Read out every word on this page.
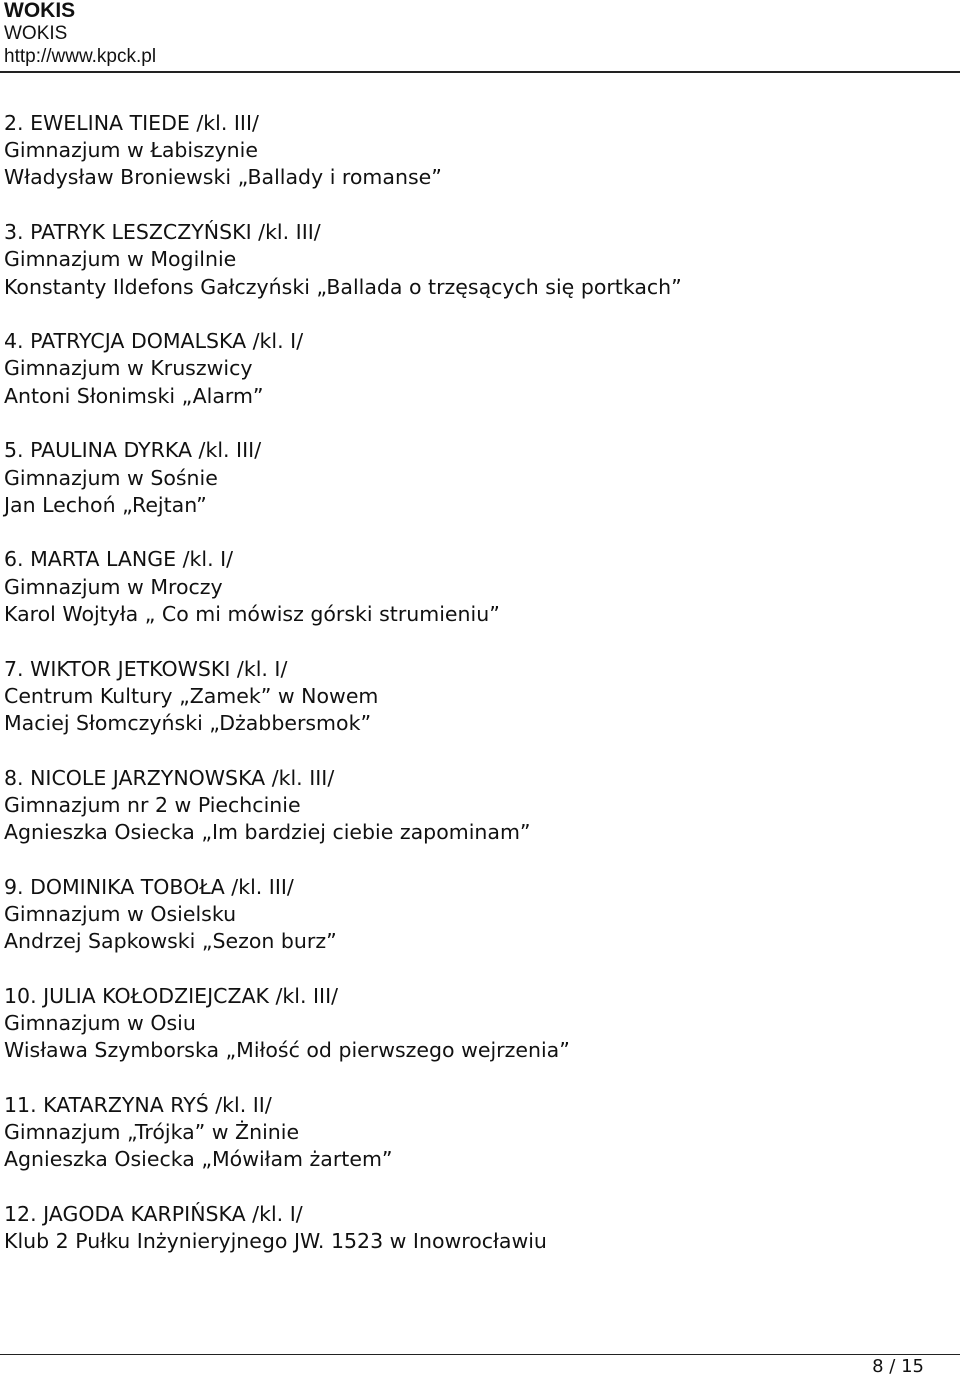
WOKIS

WOKIS

http://www.kpck.pl

2. EWELINA TIEDE /kl. III/

Gimnazjum w Łabiszynie

Władysław Broniewski „Ballady i romanse”

3. PATRYK LESZCZYŃSKI /kl. III/

Gimnazjum w Mogilnie

Konstanty Ildefons Gałczyński „Ballada o trzęsących się portkach”

4. PATRYCJA DOMALSKA /kl. I/

Gimnazjum w Kruszwicy

Antoni Słonimski „Alarm”

5. PAULINA DYRKA /kl. III/

Gimnazjum w Sośnie

Jan Lechoń „Rejtan”

6. MARTA LANGE /kl. I/

Gimnazjum w Mroczy

Karol Wojtyła „ Co mi mówisz górski strumieniu”

7. WIKTOR JETKOWSKI /kl. I/

Centrum Kultury „Zamek” w Nowem

Maciej Słomczyński „Dżabbersmok”

8. NICOLE JARZYNOWSKA /kl. III/

Gimnazjum nr 2 w Piechcinie

Agnieszka Osiecka „Im bardziej ciebie zapominam”

9. DOMINIKA TOBOŁA /kl. III/

Gimnazjum w Osielsku

Andrzej Sapkowski „Sezon burz”

10. JULIA KOŁODZIEJCZAK /kl. III/

Gimnazjum w Osiu

Wisława Szymborska „Miłość od pierwszego wejrzenia”

11. KATARZYNA RYŚ /kl. II/

Gimnazjum „Trójka” w Żninie

Agnieszka Osiecka „Mówiłam żartem”

12. JAGODA KARPIŃSKA /kl. I/

Klub 2 Pułku Inżynieryjnego JW. 1523 w Inowrocławiu

8 / 15
